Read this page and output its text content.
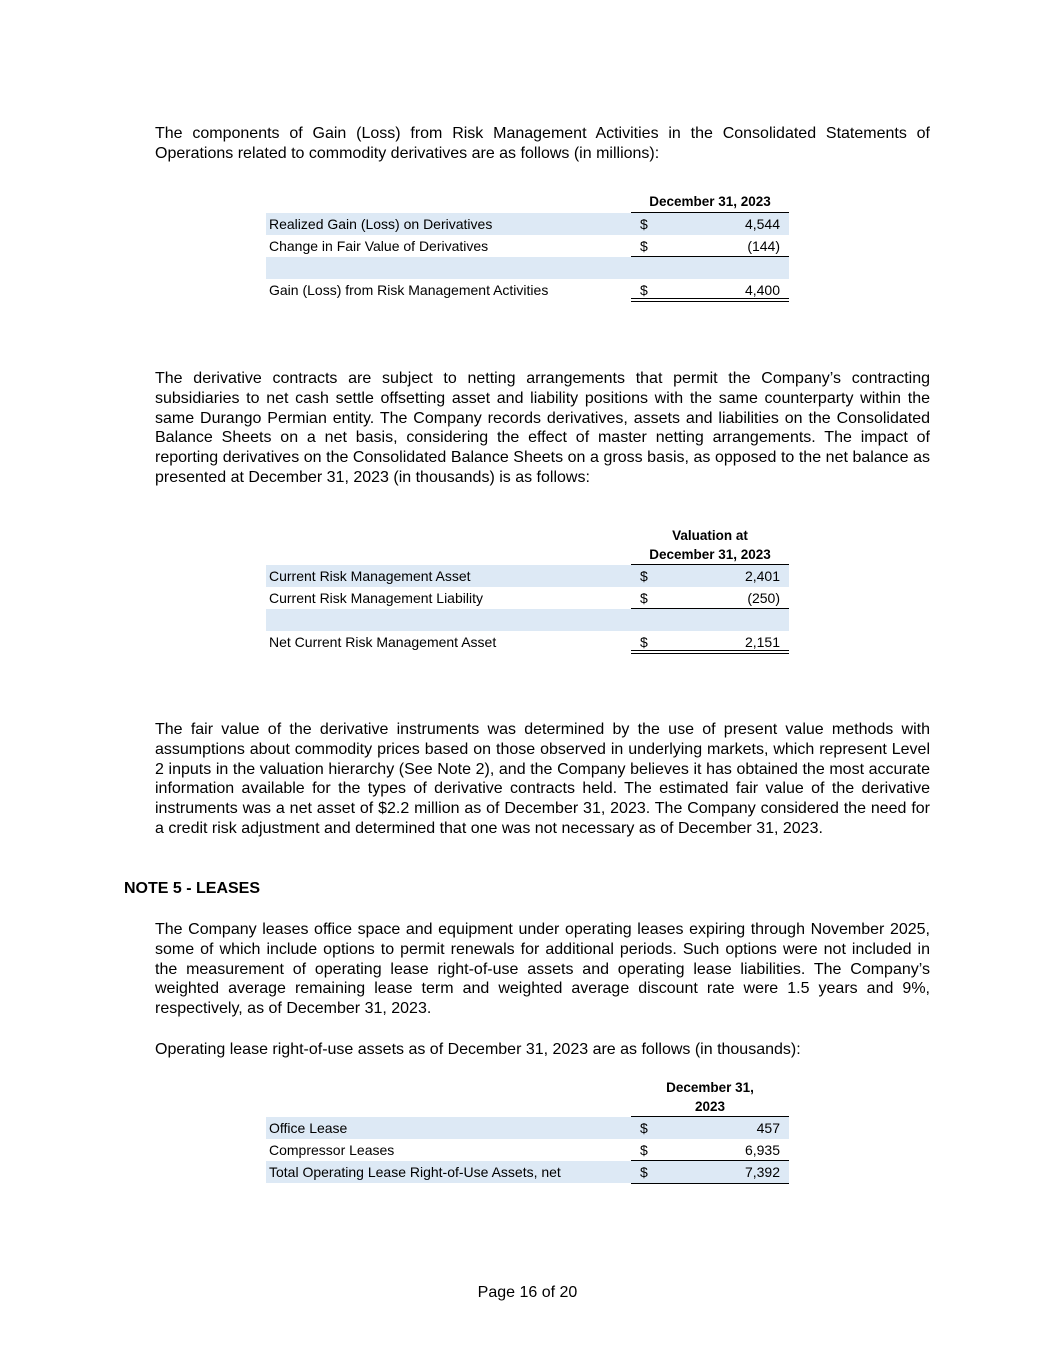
The components of Gain (Loss) from Risk Management Activities in the Consolidated Statements of Operations related to commodity derivatives are as follows (in millions):

December 31, 2023
Realized Gain (Loss) on Derivatives	$	4,544
Change in Fair Value of Derivatives	$	(144)
Gain (Loss) from Risk Management Activities	$	4,400

The derivative contracts are subject to netting arrangements that permit the Company’s contracting subsidiaries to net cash settle offsetting asset and liability positions with the same counterparty within the same Durango Permian entity. The Company records derivatives, assets and liabilities on the Consolidated Balance Sheets on a net basis, considering the effect of master netting arrangements. The impact of reporting derivatives on the Consolidated Balance Sheets on a gross basis, as opposed to the net balance as presented at December 31, 2023 (in thousands) is as follows:

Valuation at
December 31, 2023
Current Risk Management Asset	$	2,401
Current Risk Management Liability	$	(250)
Net Current Risk Management Asset	$	2,151

The fair value of the derivative instruments was determined by the use of present value methods with assumptions about commodity prices based on those observed in underlying markets, which represent Level 2 inputs in the valuation hierarchy (See Note 2), and the Company believes it has obtained the most accurate information available for the types of derivative contracts held. The estimated fair value of the derivative instruments was a net asset of $2.2 million as of December 31, 2023. The Company considered the need for a credit risk adjustment and determined that one was not necessary as of December 31, 2023.

NOTE 5 - LEASES

The Company leases office space and equipment under operating leases expiring through November 2025, some of which include options to permit renewals for additional periods. Such options were not included in the measurement of operating lease right-of-use assets and operating lease liabilities. The Company’s weighted average remaining lease term and weighted average discount rate were 1.5 years and 9%, respectively, as of December 31, 2023.

Operating lease right-of-use assets as of December 31, 2023 are as follows (in thousands):

December 31,
2023
Office Lease	$	457
Compressor Leases	$	6,935
Total Operating Lease Right-of-Use Assets, net	$	7,392
Page 16 of 20
